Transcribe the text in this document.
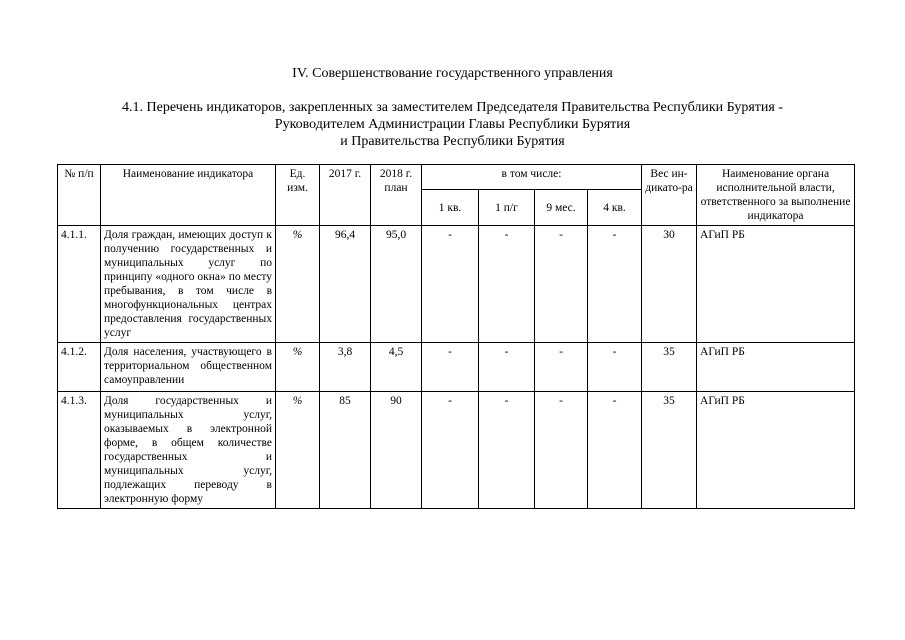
IV. Совершенствование государственного управления
4.1. Перечень индикаторов, закрепленных за заместителем Председателя Правительства Республики Бурятия -
Руководителем Администрации Главы Республики Бурятия
и Правительства Республики Бурятия
№ п/п	Наименование индикатора	Ед. изм.	2017 г.	2018 г. план	в том числе:				Вес ин-дикато-ра	Наименование органа исполнительной власти, ответственного за выполнение индикатора
					1 кв.	1 п/г	9 мес.	4 кв.		
4.1.1.	Доля граждан, имеющих доступ к получению государственных и муниципальных услуг по принципу «одного окна» по месту пребывания, в том числе в многофункциональных центрах предоставления государственных услуг	%	96,4	95,0	-	-	-	-	30	АГиП РБ
4.1.2.	Доля населения, участвующего в территориальном общественном самоуправлении	%	3,8	4,5	-	-	-	-	35	АГиП РБ
4.1.3.	Доля государственных и муниципальных услуг, оказываемых в электронной форме, в общем количестве государственных и муниципальных услуг, подлежащих переводу в электронную форму	%	85	90	-	-	-	-	35	АГиП РБ
